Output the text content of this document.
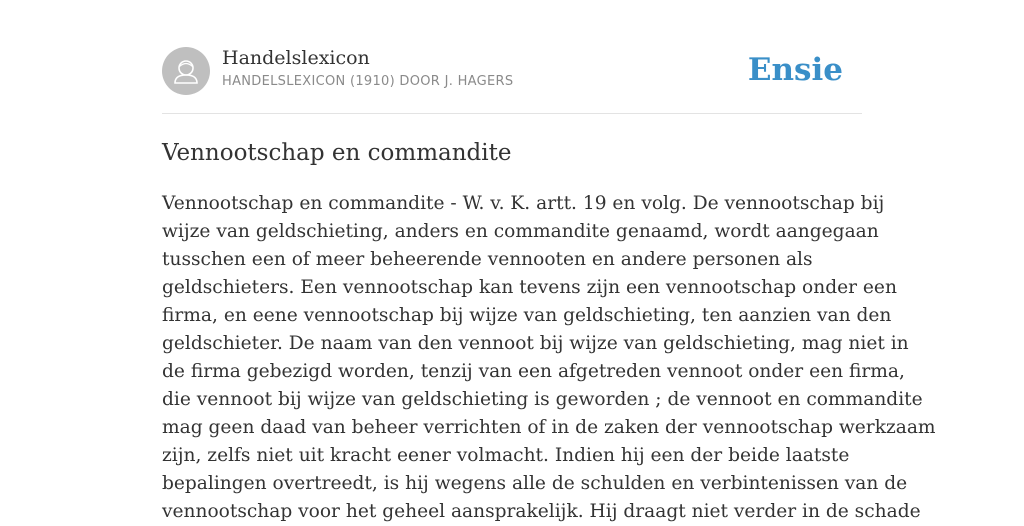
Handelslexicon
HANDELSLEXICON (1910) DOOR J. HAGERS	Ensie
Vennootschap en commandite
Vennootschap en commandite - W. v. K. artt. 19 en volg. De vennootschap bij
wijze van geldschieting, anders en commandite genaamd, wordt aangegaan
tusschen een of meer beheerende vennooten en andere personen als
geldschieters. Een vennootschap kan tevens zijn een vennootschap onder een
firma, en eene vennootschap bij wijze van geldschieting, ten aanzien van den
geldschieter. De naam van den vennoot bij wijze van geldschieting, mag niet in
de firma gebezigd worden, tenzij van een afgetreden vennoot onder een firma,
die vennoot bij wijze van geldschieting is geworden ; de vennoot en commandite
mag geen daad van beheer verrichten of in de zaken der vennootschap werkzaam
zijn, zelfs niet uit kracht eener volmacht. Indien hij een der beide laatste
bepalingen overtreedt, is hij wegens alle de schulden en verbintenissen van de
vennootschap voor het geheel aansprakelijk. Hij draagt niet verder in de schade
